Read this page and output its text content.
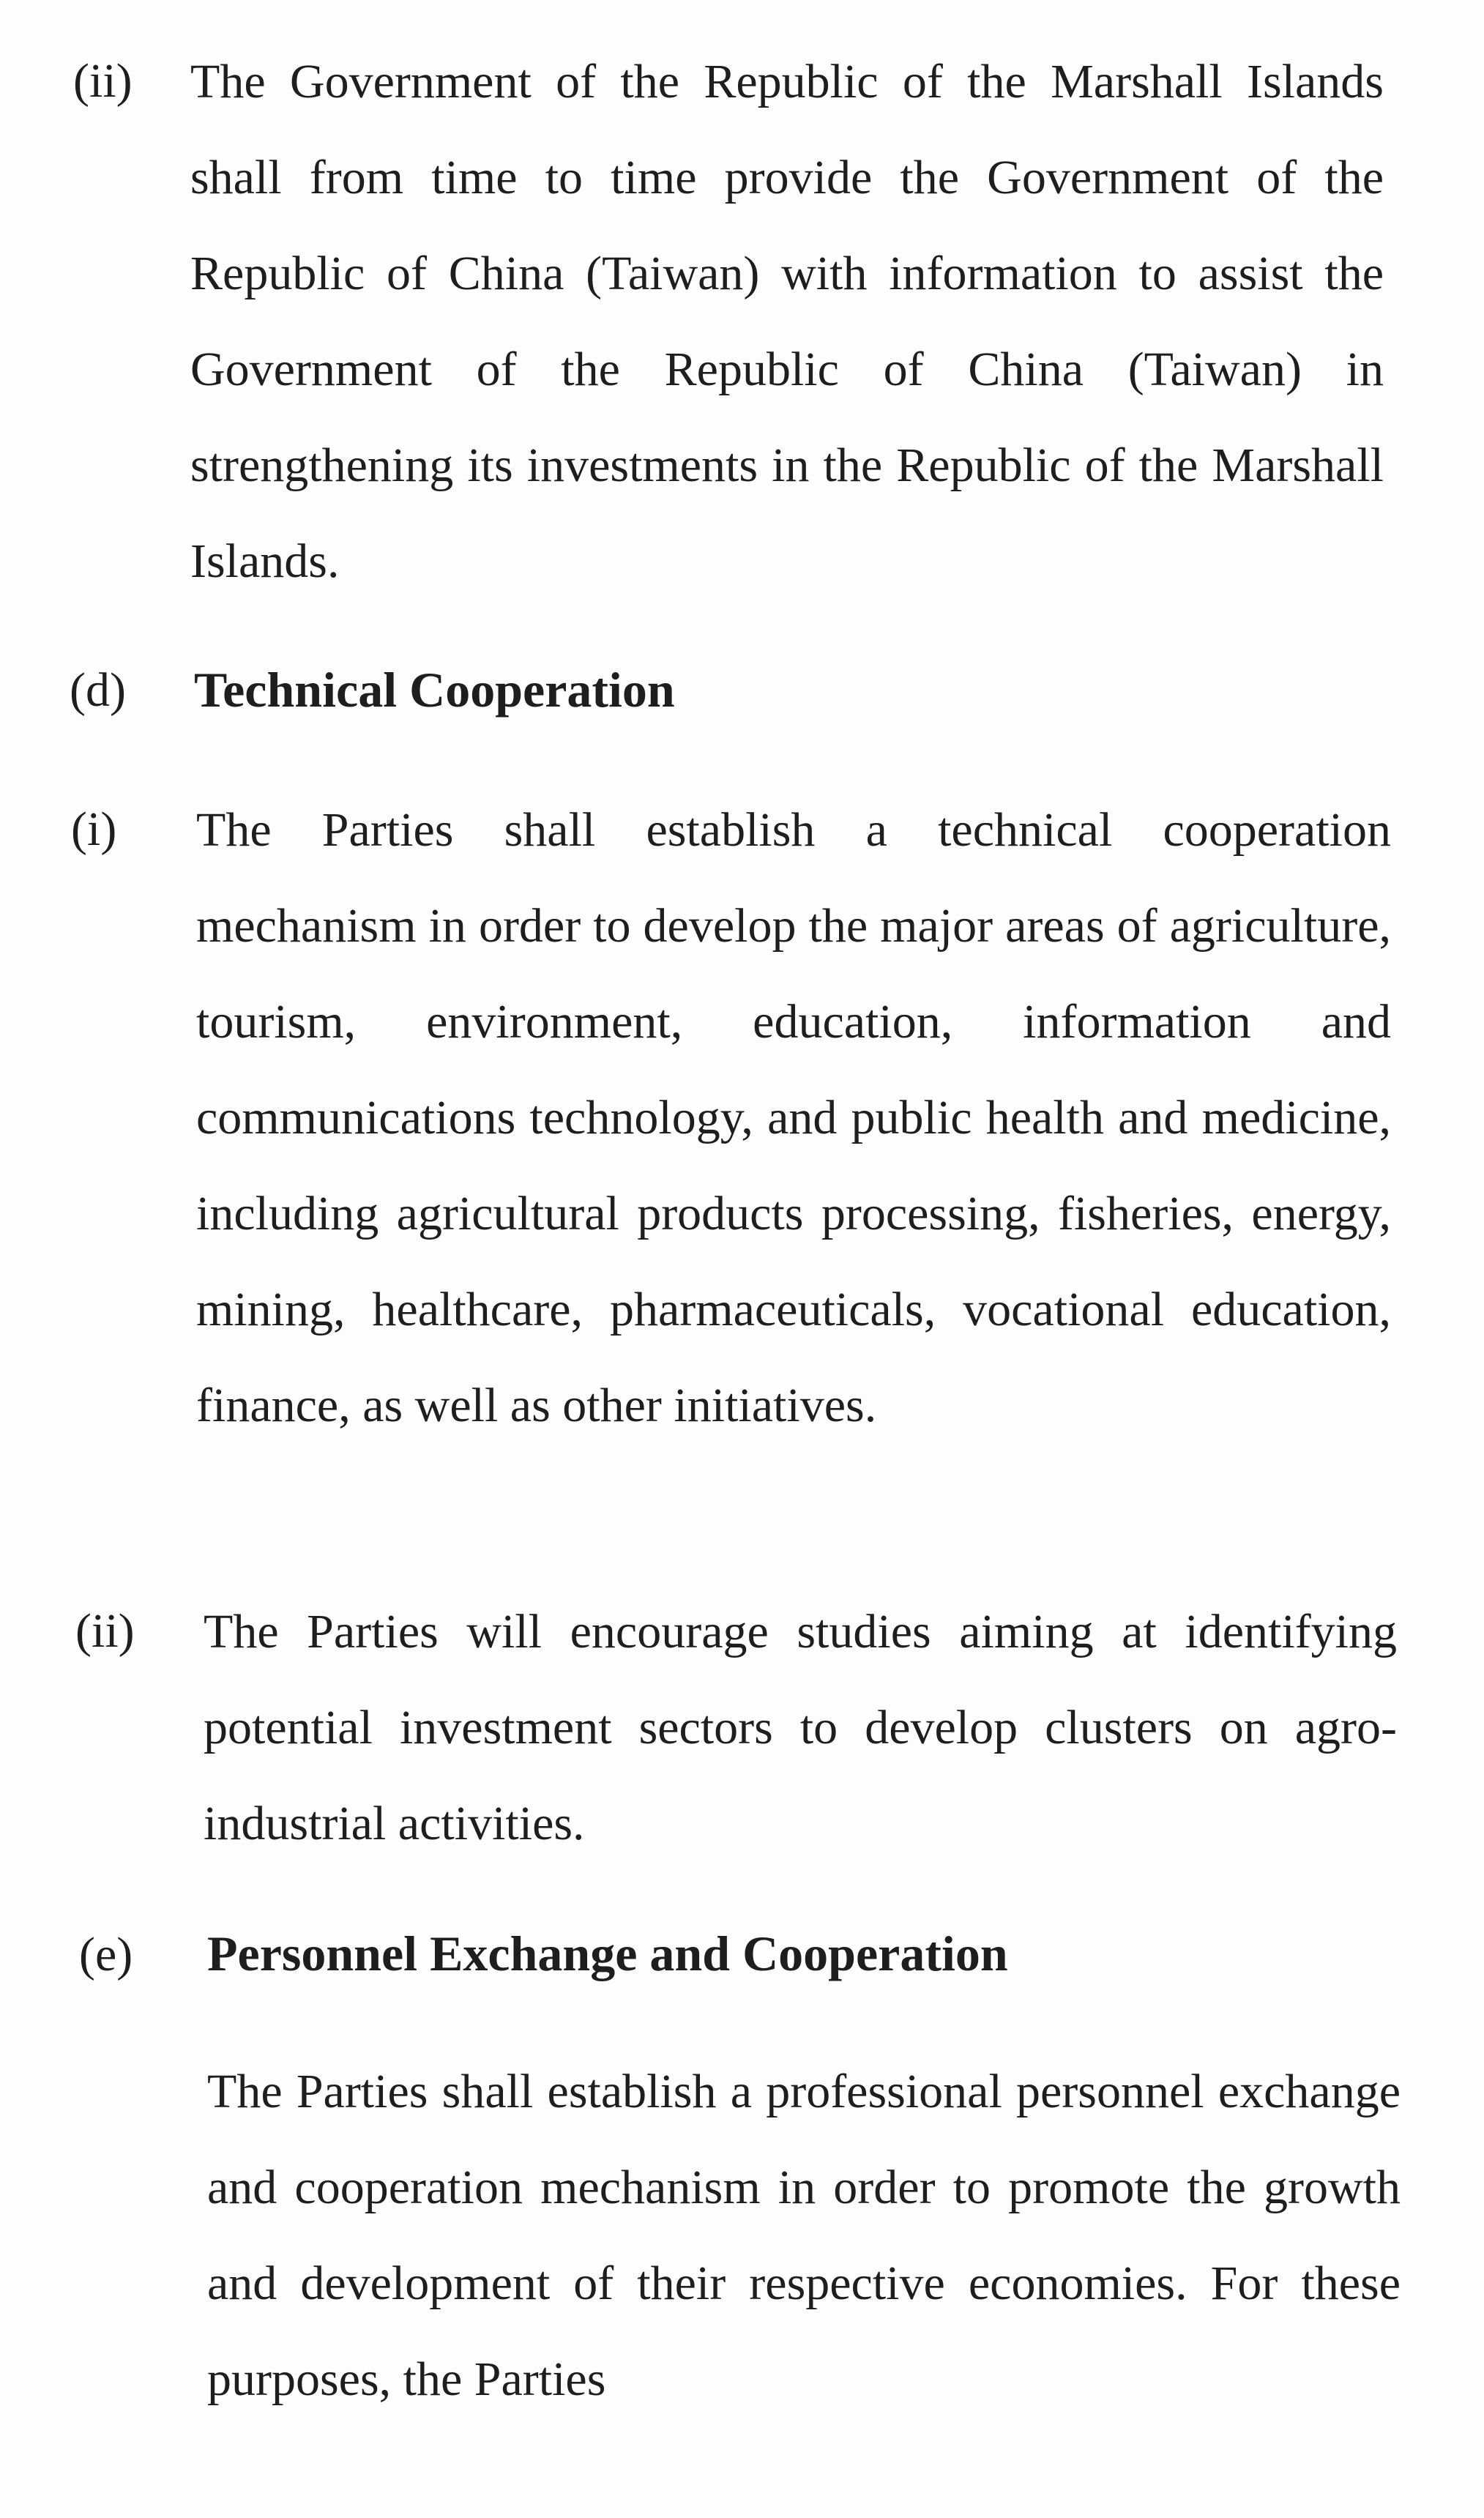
(ii) The Government of the Republic of the Marshall Islands shall from time to time provide the Government of the Republic of China (Taiwan) with information to assist the Government of the Republic of China (Taiwan) in strengthening its investments in the Republic of the Marshall Islands.
(d) Technical Cooperation
(i) The Parties shall establish a technical cooperation mechanism in order to develop the major areas of agriculture, tourism, environment, education, information and communications technology, and public health and medicine, including agricultural products processing, fisheries, energy, mining, healthcare, pharmaceuticals, vocational education, finance, as well as other initiatives.
(ii) The Parties will encourage studies aiming at identifying potential investment sectors to develop clusters on agro-industrial activities.
(e) Personnel Exchange and Cooperation
The Parties shall establish a professional personnel exchange and cooperation mechanism in order to promote the growth and development of their respective economies. For these purposes, the Parties
